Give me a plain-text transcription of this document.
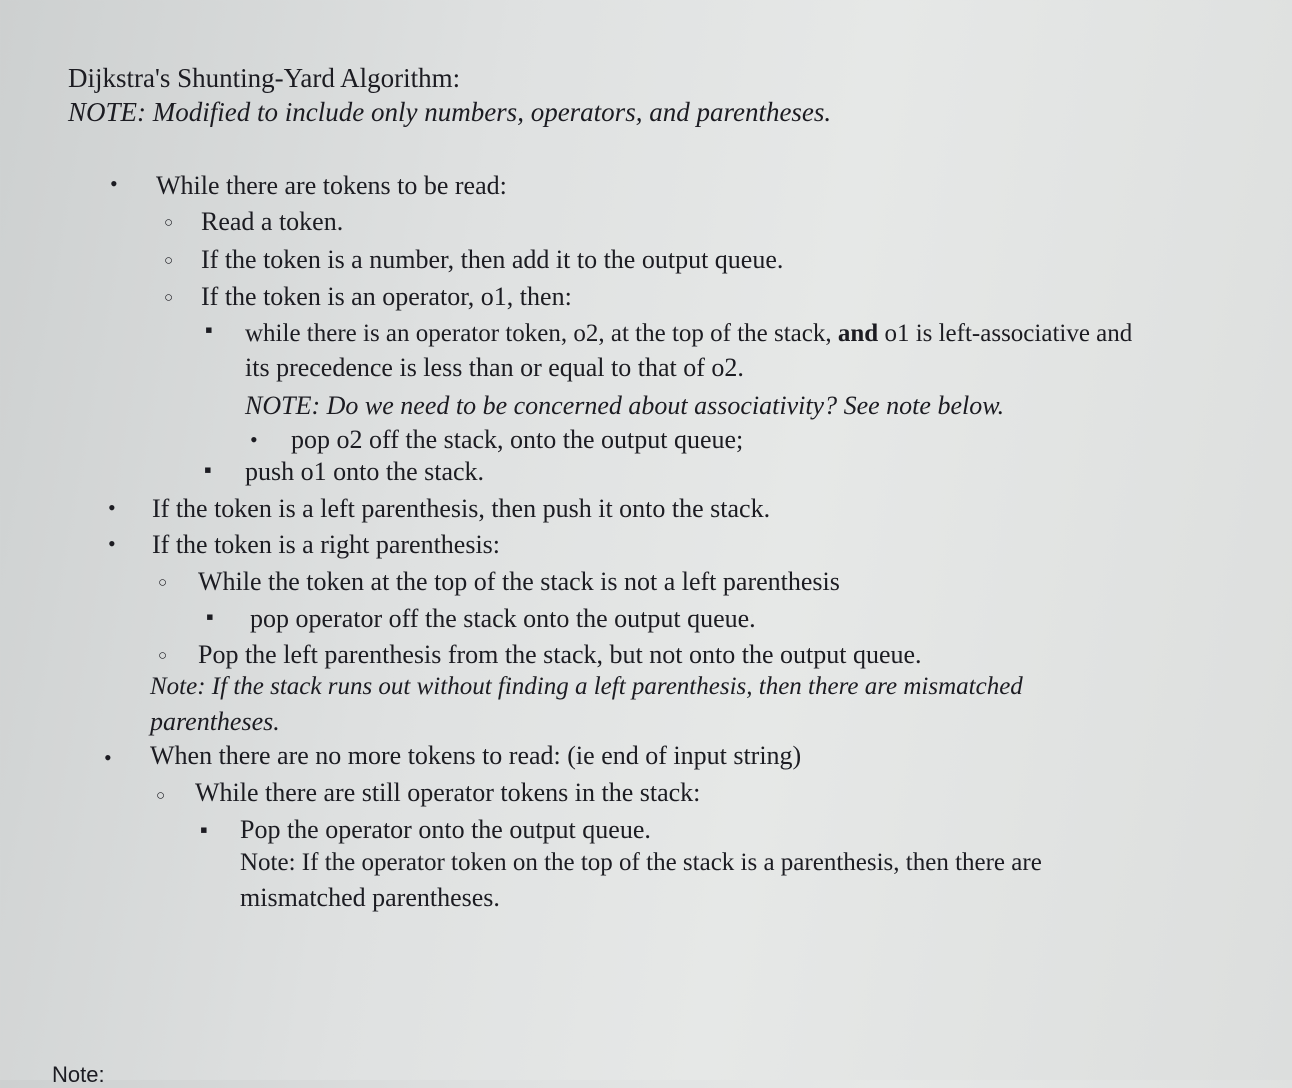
Dijkstra's Shunting-Yard Algorithm:
NOTE: Modified to include only numbers, operators, and parentheses.
•
While there are tokens to be read:
○
Read a token.
○
If the token is a number, then add it to the output queue.
○
If the token is an operator, o1, then:
▪
while there is an operator token, o2, at the top of the stack, and o1 is left-associative and
its precedence is less than or equal to that of o2.
NOTE: Do we need to be concerned about associativity? See note below.
•
pop o2 off the stack, onto the output queue;
▪
push o1 onto the stack.
•
If the token is a left parenthesis, then push it onto the stack.
•
If the token is a right parenthesis:
○
While the token at the top of the stack is not a left parenthesis
▪
pop operator off the stack onto the output queue.
○
Pop the left parenthesis from the stack, but not onto the output queue.
Note: If the stack runs out without finding a left parenthesis, then there are mismatched
parentheses.
•
When there are no more tokens to read: (ie end of input string)
○
While there are still operator tokens in the stack:
▪
Pop the operator onto the output queue.
Note: If the operator token on the top of the stack is a parenthesis, then there are
mismatched parentheses.
Note:
